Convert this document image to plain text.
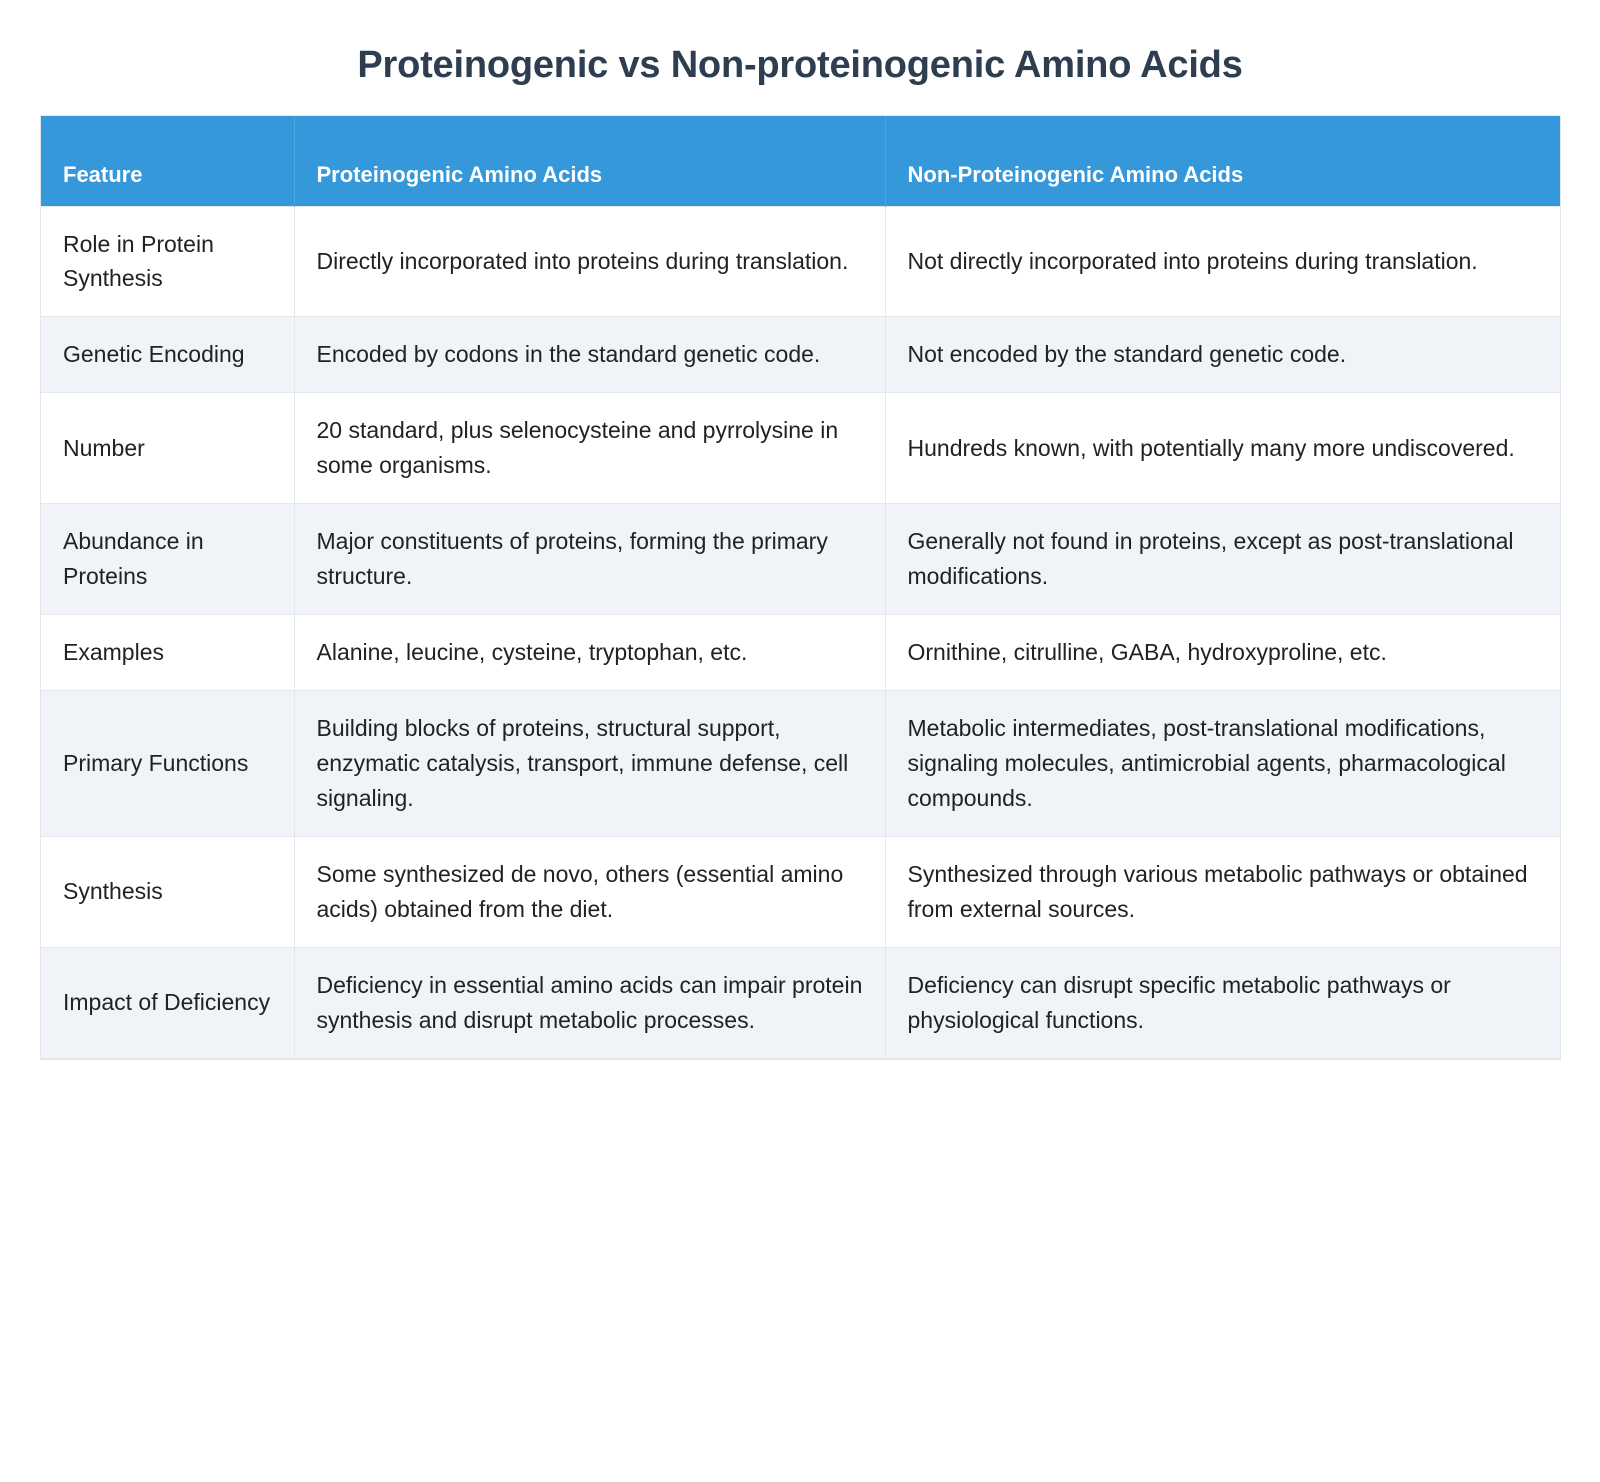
Proteinogenic vs Non-proteinogenic Amino Acids
Feature	Proteinogenic Amino Acids	Non-Proteinogenic Amino Acids
Role in Protein Synthesis	Directly incorporated into proteins during translation.	Not directly incorporated into proteins during translation.
Genetic Encoding	Encoded by codons in the standard genetic code.	Not encoded by the standard genetic code.
Number	20 standard, plus selenocysteine and pyrrolysine in some organisms.	Hundreds known, with potentially many more undiscovered.
Abundance in Proteins	Major constituents of proteins, forming the primary structure.	Generally not found in proteins, except as post-translational modifications.
Examples	Alanine, leucine, cysteine, tryptophan, etc.	Ornithine, citrulline, GABA, hydroxyproline, etc.
Primary Functions	Building blocks of proteins, structural support, enzymatic catalysis, transport, immune defense, cell signaling.	Metabolic intermediates, post-translational modifications, signaling molecules, antimicrobial agents, pharmacological compounds.
Synthesis	Some synthesized de novo, others (essential amino acids) obtained from the diet.	Synthesized through various metabolic pathways or obtained from external sources.
Impact of Deficiency	Deficiency in essential amino acids can impair protein synthesis and disrupt metabolic processes.	Deficiency can disrupt specific metabolic pathways or physiological functions.
